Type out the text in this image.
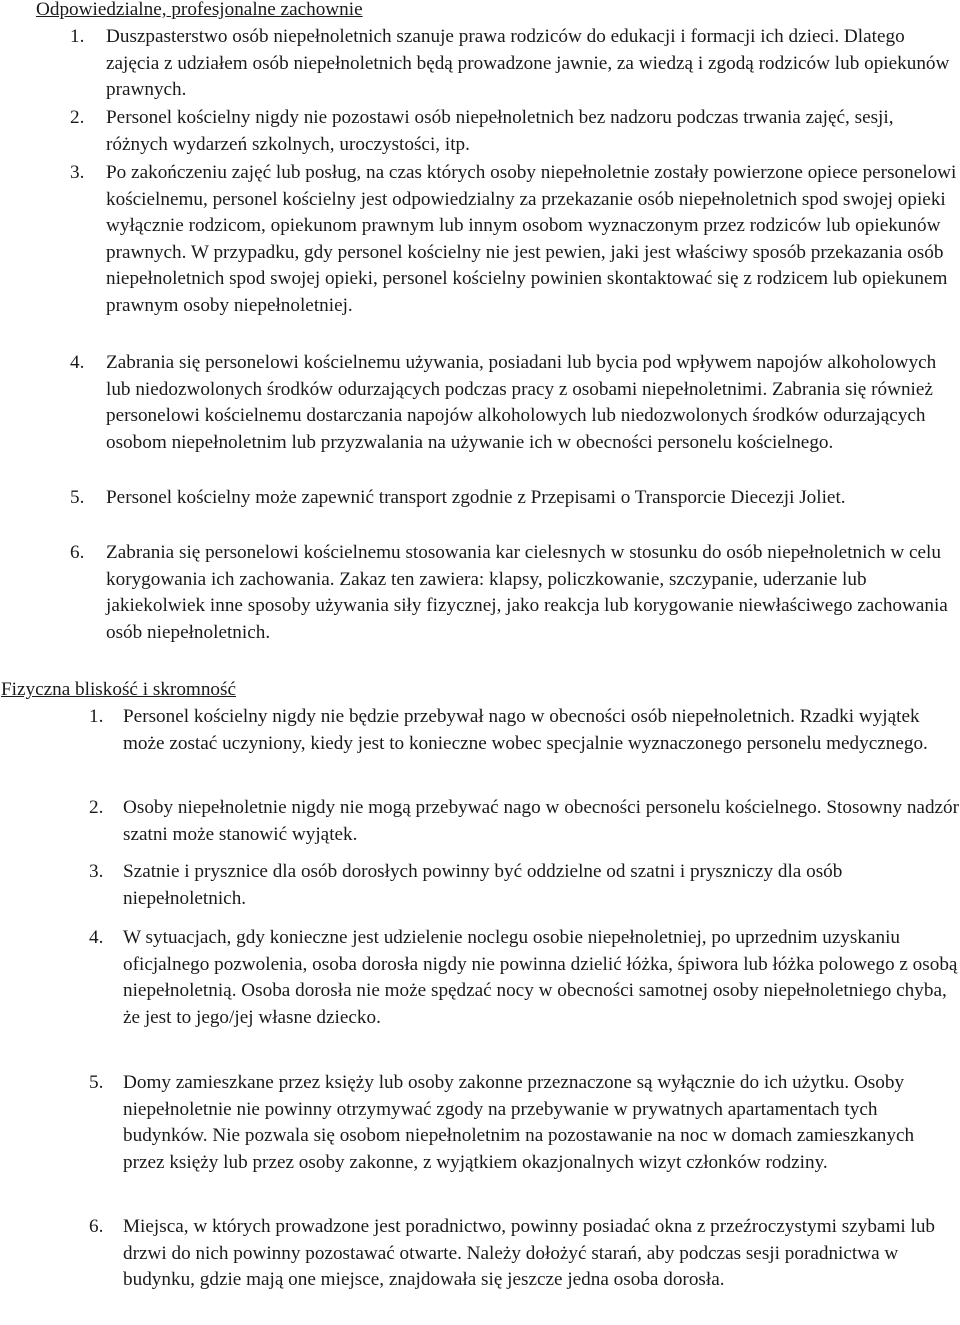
Odpowiedzialne, profesjonalne zachownie
1.	Duszpasterstwo osób niepełnoletnich szanuje prawa rodziców do edukacji i formacji ich dzieci. Dlatego zajęcia z udziałem osób niepełnoletnich będą prowadzone jawnie, za wiedzą i zgodą rodziców lub opiekunów prawnych.
2.	Personel kościelny nigdy nie pozostawi osób niepełnoletnich bez nadzoru podczas trwania zajęć, sesji, różnych wydarzeń szkolnych, uroczystości, itp.
3.	Po zakończeniu zajęć lub posług, na czas których osoby niepełnoletnie zostały powierzone opiece personelowi kościelnemu, personel kościelny jest odpowiedzialny za przekazanie osób niepełnoletnich spod swojej opieki wyłącznie rodzicom, opiekunom prawnym lub innym osobom wyznaczonym przez rodziców lub opiekunów prawnych. W przypadku, gdy personel kościelny nie jest pewien, jaki jest właściwy sposób przekazania osób niepełnoletnich spod swojej opieki, personel kościelny powinien skontaktować się z rodzicem lub opiekunem prawnym osoby niepełnoletniej.
4.	Zabrania się personelowi kościelnemu używania, posiadani lub bycia pod wpływem napojów alkoholowych lub niedozwolonych środków odurzających podczas pracy z osobami niepełnoletnimi. Zabrania się również personelowi kościelnemu dostarczania napojów alkoholowych lub niedozwolonych środków odurzających osobom niepełnoletnim lub przyzwalania na używanie ich w obecności personelu kościelnego.
5.	Personel kościelny może zapewnić transport zgodnie z Przepisami o Transporcie Diecezji Joliet.
6.	Zabrania się personelowi kościelnemu stosowania kar cielesnych w stosunku do osób niepełnoletnich w celu korygowania ich zachowania. Zakaz ten zawiera: klapsy, policzkowanie, szczypanie, uderzanie lub jakiekolwiek inne sposoby używania siły fizycznej, jako reakcja lub korygowanie niewłaściwego zachowania osób niepełnoletnich.
Fizyczna bliskość i skromność
1.	Personel kościelny nigdy nie będzie przebywał nago w obecności osób niepełnoletnich. Rzadki wyjątek może zostać uczyniony, kiedy jest to konieczne wobec specjalnie wyznaczonego personelu medycznego.
2.	Osoby niepełnoletnie nigdy nie mogą przebywać nago w obecności personelu kościelnego. Stosowny nadzór szatni może stanowić wyjątek.
3.	Szatnie i prysznice dla osób dorosłych powinny być oddzielne od szatni i pryszniczy dla osób niepełnoletnich.
4.	W sytuacjach, gdy konieczne jest udzielenie noclegu osobie niepełnoletniej, po uprzednim uzyskaniu oficjalnego pozwolenia, osoba dorosła nigdy nie powinna dzielić łóżka, śpiwora lub łóżka polowego z osobą niepełnoletnią. Osoba dorosła nie może spędzać nocy w obecności samotnej osoby niepełnoletniego chyba, że jest to jego/jej własne dziecko.
5.	Domy zamieszkane przez księży lub osoby zakonne przeznaczone są wyłącznie do ich użytku. Osoby niepełnoletnie nie powinny otrzymywać zgody na przebywanie w prywatnych apartamentach tych budynków. Nie pozwala się osobom niepełnoletnim na pozostawanie na noc w domach zamieszkanych przez księży lub przez osoby zakonne, z wyjątkiem okazjonalnych wizyt członków rodziny.
6.	Miejsca, w których prowadzone jest poradnictwo, powinny posiadać okna z przeźroczystymi szybami lub drzwi do nich powinny pozostawać otwarte. Należy dołożyć starań, aby podczas sesji poradnictwa w budynku, gdzie mają one miejsce, znajdowała się jeszcze jedna osoba dorosła.
